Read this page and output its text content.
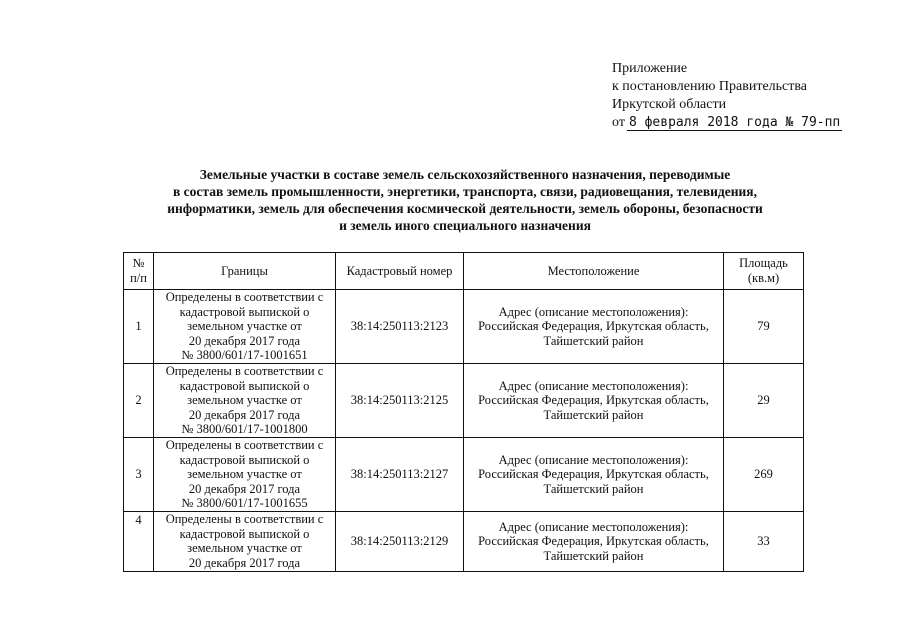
Приложение
к постановлению Правительства
Иркутской области
от 8 февраля 2018 года № 79-пп
Земельные участки в составе земель сельскохозяйственного назначения, переводимые
в состав земель промышленности, энергетики, транспорта, связи, радиовещания, телевидения,
информатики, земель для обеспечения космической деятельности, земель обороны, безопасности
и земель иного специального назначения
№
п/п	Границы	Кадастровый номер	Местоположение	Площадь
(кв.м)
1	Определены в соответствии с
кадастровой выпиской о
земельном участке от
20 декабря 2017 года
№ 3800/601/17-1001651	38:14:250113:2123	Адрес (описание местоположения):
Российская Федерация, Иркутская область,
Тайшетский район	79
2	Определены в соответствии с
кадастровой выпиской о
земельном участке от
20 декабря 2017 года
№ 3800/601/17-1001800	38:14:250113:2125	Адрес (описание местоположения):
Российская Федерация, Иркутская область,
Тайшетский район	29
3	Определены в соответствии с
кадастровой выпиской о
земельном участке от
20 декабря 2017 года
№ 3800/601/17-1001655	38:14:250113:2127	Адрес (описание местоположения):
Российская Федерация, Иркутская область,
Тайшетский район	269
4	Определены в соответствии с
кадастровой выпиской о
земельном участке от
20 декабря 2017 года	38:14:250113:2129	Адрес (описание местоположения):
Российская Федерация, Иркутская область,
Тайшетский район	33
